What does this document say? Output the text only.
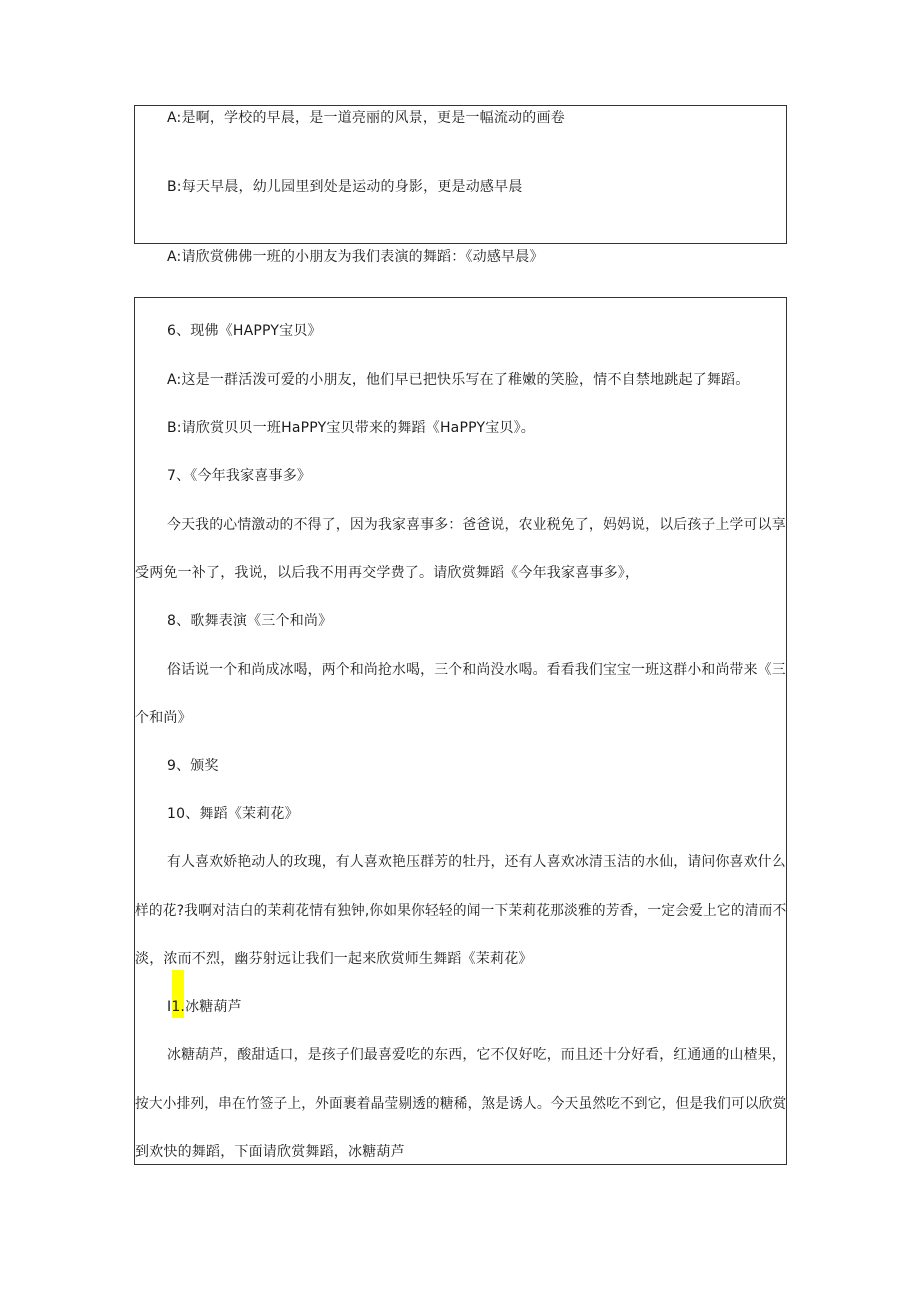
A:是啊，学校的早晨，是一道亮丽的风景，更是一幅流动的画卷
B:每天早晨，幼儿园里到处是运动的身影，更是动感早晨
A:请欣赏佛佛一班的小朋友为我们表演的舞蹈：《动感早晨》
6、现佛《HAPPY宝贝》
A:这是一群活泼可爱的小朋友，他们早已把快乐写在了稚嫩的笑脸，情不自禁地跳起了舞蹈。
B:请欣赏贝贝一班HaPPY宝贝带来的舞蹈《HaPPY宝贝》。
7、《今年我家喜事多》
今天我的心情激动的不得了，因为我家喜事多：爸爸说，农业税免了，妈妈说，以后孩子上学可以享
受两免一补了，我说，以后我不用再交学费了。请欣赏舞蹈《今年我家喜事多》，
8、歌舞表演《三个和尚》
俗话说一个和尚成冰喝，两个和尚抢水喝，三个和尚没水喝。看看我们宝宝一班这群小和尚带来《三
个和尚》
9、颁奖
10、舞蹈《茉莉花》
有人喜欢娇艳动人的玫瑰，有人喜欢艳压群芳的牡丹，还有人喜欢冰清玉洁的水仙，请问你喜欢什么
样的花?我啊对洁白的茉莉花情有独钟,你如果你轻轻的闻一下茉莉花那淡雅的芳香，一定会爱上它的清而不
淡，浓而不烈，幽芬射远让我们一起来欣赏师生舞蹈《茉莉花》
I1.冰糖葫芦
冰糖葫芦，酸甜适口，是孩子们最喜爱吃的东西，它不仅好吃，而且还十分好看，红通通的山楂果，
按大小排列，串在竹签子上，外面裹着晶莹剔透的糖稀，煞是诱人。今天虽然吃不到它，但是我们可以欣赏
到欢快的舞蹈，下面请欣赏舞蹈，冰糖葫芦
